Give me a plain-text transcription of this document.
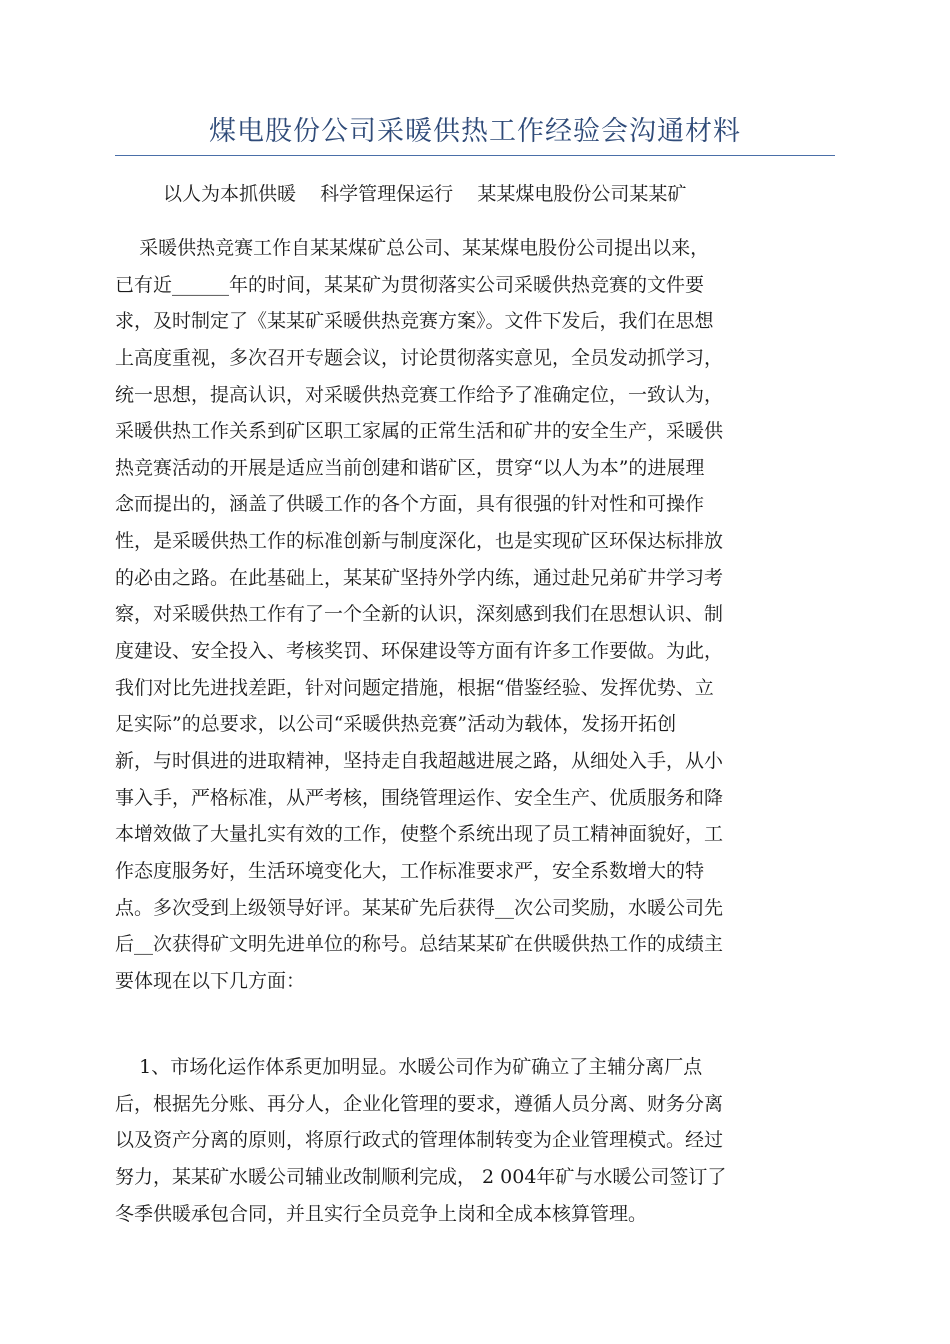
煤电股份公司采暖供热工作经验会沟通材料
以人为本抓供暖    科学管理保运行    某某煤电股份公司某某矿
采暖供热竞赛工作自某某煤矿总公司、某某煤电股份公司提出以来，
已有近______年的时间，某某矿为贯彻落实公司采暖供热竞赛的文件要
求，及时制定了《某某矿采暖供热竞赛方案》。文件下发后，我们在思想
上高度重视，多次召开专题会议，讨论贯彻落实意见，全员发动抓学习，
统一思想，提高认识，对采暖供热竞赛工作给予了准确定位，一致认为，
采暖供热工作关系到矿区职工家属的正常生活和矿井的安全生产，采暖供
热竞赛活动的开展是适应当前创建和谐矿区，贯穿“以人为本”的进展理
念而提出的，涵盖了供暖工作的各个方面，具有很强的针对性和可操作
性，是采暖供热工作的标准创新与制度深化，也是实现矿区环保达标排放
的必由之路。在此基础上，某某矿坚持外学内练，通过赴兄弟矿井学习考
察，对采暖供热工作有了一个全新的认识，深刻感到我们在思想认识、制
度建设、安全投入、考核奖罚、环保建设等方面有许多工作要做。为此，
我们对比先进找差距，针对问题定措施，根据“借鉴经验、发挥优势、立
足实际”的总要求，以公司“采暖供热竞赛”活动为载体，发扬开拓创
新，与时俱进的进取精神，坚持走自我超越进展之路，从细处入手，从小
事入手，严格标准，从严考核，围绕管理运作、安全生产、优质服务和降
本增效做了大量扎实有效的工作，使整个系统出现了员工精神面貌好，工
作态度服务好，生活环境变化大，工作标准要求严，安全系数增大的特
点。多次受到上级领导好评。某某矿先后获得__次公司奖励，水暖公司先
后__次获得矿文明先进单位的称号。总结某某矿在供暖供热工作的成绩主
要体现在以下几方面：
1、市场化运作体系更加明显。水暖公司作为矿确立了主辅分离厂点
后，根据先分账、再分人，企业化管理的要求，遵循人员分离、财务分离
以及资产分离的原则，将原行政式的管理体制转变为企业管理模式。经过
努力，某某矿水暖公司辅业改制顺利完成， 2 004年矿与水暖公司签订了
冬季供暖承包合同，并且实行全员竞争上岗和全成本核算管理。
